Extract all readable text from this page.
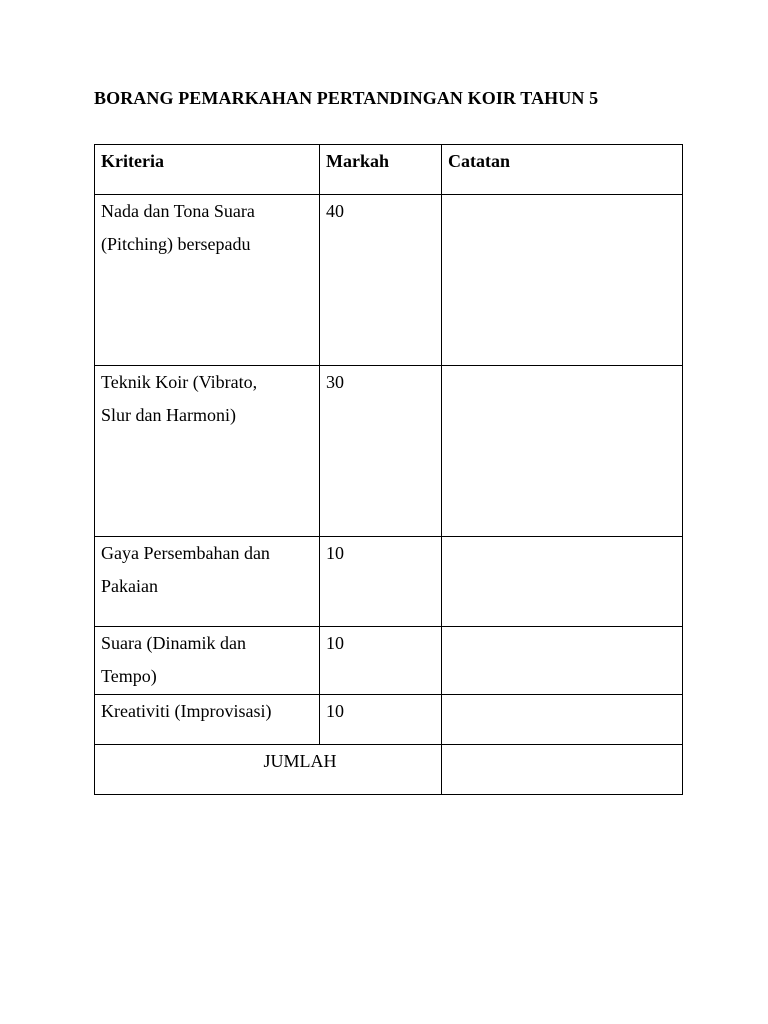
BORANG PEMARKAHAN PERTANDINGAN KOIR TAHUN 5
Kriteria	Markah	Catatan

Nada dan Tona Suara
(Pitching) bersepadu	40	

Teknik Koir (Vibrato,
Slur dan Harmoni)	30	

Gaya Persembahan dan
Pakaian	10	

Suara (Dinamik dan
Tempo)	10	

Kreativiti (Improvisasi)	10	
JUMLAH		
